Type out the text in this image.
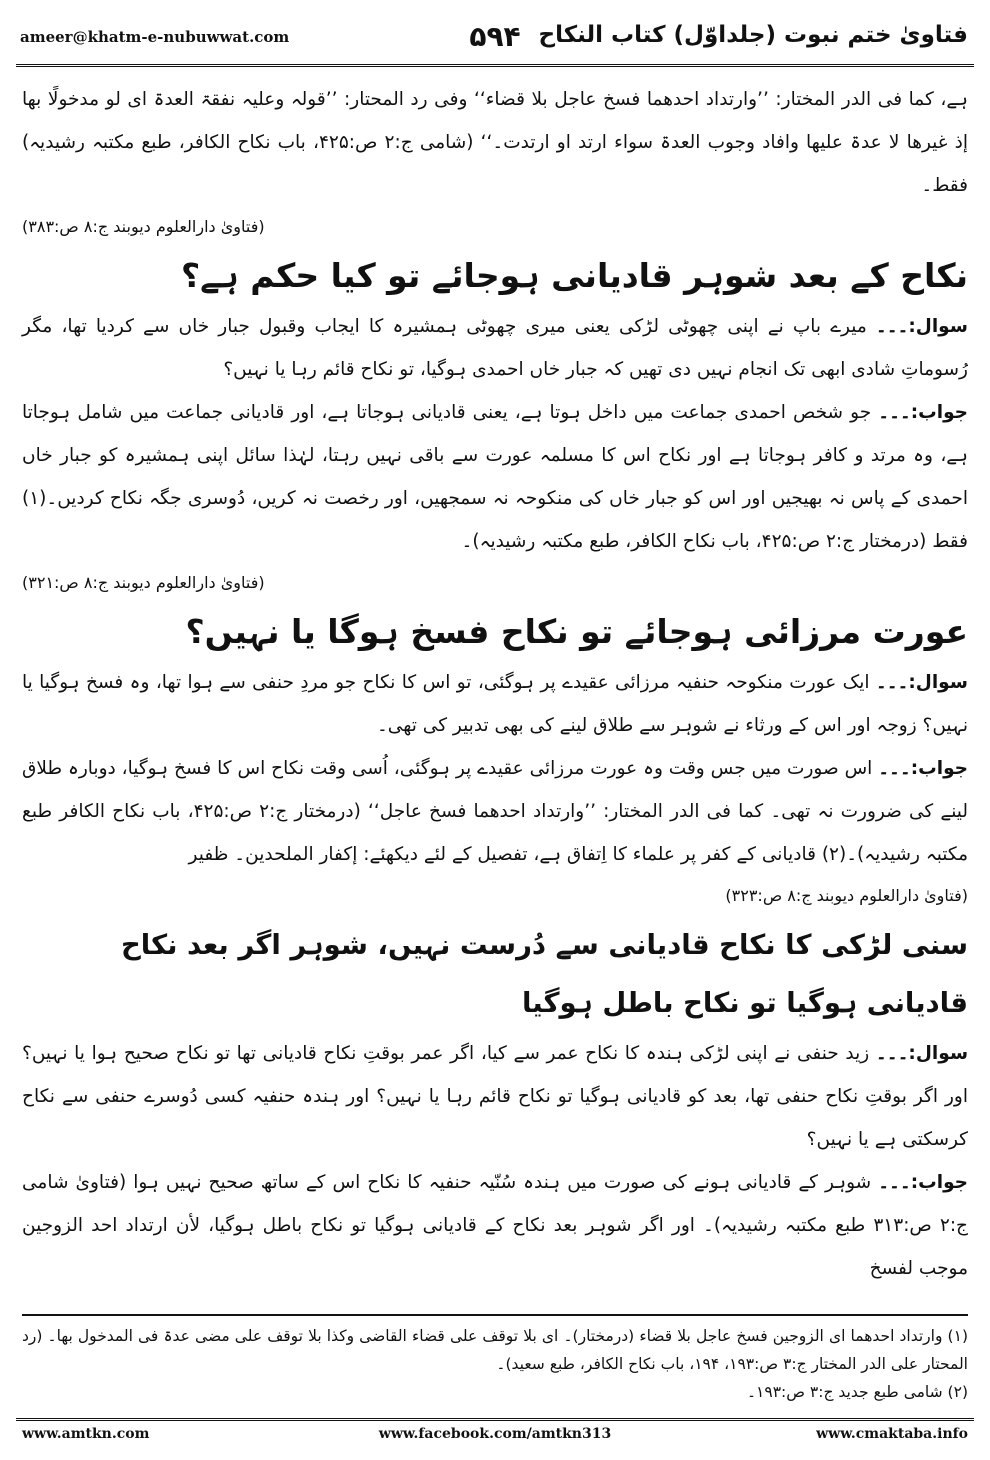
ameer@khatm-e-nubuwwat.com	۵۹۴ فتاویٰ ختم نبوت (جلداوّل) کتاب النکاح

ہے، کما فی الدر المختار: ’’وارتداد احدھما فسخ عاجل بلا قضاء‘‘ وفی رد المحتار: ’’قولہ وعلیہ نفقۃ العدۃ ای لو مدخولًا بھا إذ غیرھا لا عدۃ علیھا وافاد وجوب العدۃ سواء ارتد او ارتدت۔‘‘ (شامی ج:۲ ص:۴۲۵، باب نکاح الکافر، طبع مکتبہ رشیدیہ) فقط۔

(فتاویٰ دارالعلوم دیوبند ج:۸ ص:۳۸۳)
نکاح کے بعد شوہر قادیانی ہوجائے تو کیا حکم ہے؟

سوال:۔۔۔ میرے باپ نے اپنی چھوٹی لڑکی یعنی میری چھوٹی ہمشیرہ کا ایجاب وقبول جبار خاں سے کردیا تھا، مگر رُسوماتِ شادی ابھی تک انجام نہیں دی تھیں کہ جبار خاں احمدی ہوگیا، تو نکاح قائم رہا یا نہیں؟

جواب:۔۔۔ جو شخص احمدی جماعت میں داخل ہوتا ہے، یعنی قادیانی ہوجاتا ہے، اور قادیانی جماعت میں شامل ہوجاتا ہے، وہ مرتد و کافر ہوجاتا ہے اور نکاح اس کا مسلمہ عورت سے باقی نہیں رہتا، لہٰذا سائل اپنی ہمشیرہ کو جبار خاں احمدی کے پاس نہ بھیجیں اور اس کو جبار خاں کی منکوحہ نہ سمجھیں، اور رخصت نہ کریں، دُوسری جگہ نکاح کردیں۔(۱) فقط (درمختار ج:۲ ص:۴۲۵، باب نکاح الکافر، طبع مکتبہ رشیدیہ)۔

(فتاویٰ دارالعلوم دیوبند ج:۸ ص:۳۲۱)
عورت مرزائی ہوجائے تو نکاح فسخ ہوگا یا نہیں؟

سوال:۔۔۔ ایک عورت منکوحہ حنفیہ مرزائی عقیدے پر ہوگئی، تو اس کا نکاح جو مردِ حنفی سے ہوا تھا، وہ فسخ ہوگیا یا نہیں؟ زوجہ اور اس کے ورثاء نے شوہر سے طلاق لینے کی بھی تدبیر کی تھی۔

جواب:۔۔۔ اس صورت میں جس وقت وہ عورت مرزائی عقیدے پر ہوگئی، اُسی وقت نکاح اس کا فسخ ہوگیا، دوبارہ طلاق لینے کی ضرورت نہ تھی۔ کما فی الدر المختار: ’’وارتداد احدھما فسخ عاجل‘‘ (درمختار ج:۲ ص:۴۲۵، باب نکاح الکافر طبع مکتبہ رشیدیہ)۔(۲) قادیانی کے کفر پر علماء کا اِتفاق ہے، تفصیل کے لئے دیکھئے: إکفار الملحدین۔ ظفیر

(فتاویٰ دارالعلوم دیوبند ج:۸ ص:۳۲۳)
سنی لڑکی کا نکاح قادیانی سے دُرست نہیں، شوہر اگر بعد نکاح قادیانی ہوگیا تو نکاح باطل ہوگیا

سوال:۔۔۔ زید حنفی نے اپنی لڑکی ہندہ کا نکاح عمر سے کیا، اگر عمر بوقتِ نکاح قادیانی تھا تو نکاح صحیح ہوا یا نہیں؟ اور اگر بوقتِ نکاح حنفی تھا، بعد کو قادیانی ہوگیا تو نکاح قائم رہا یا نہیں؟ اور ہندہ حنفیہ کسی دُوسرے حنفی سے نکاح کرسکتی ہے یا نہیں؟

جواب:۔۔۔ شوہر کے قادیانی ہونے کی صورت میں ہندہ سُنّیہ حنفیہ کا نکاح اس کے ساتھ صحیح نہیں ہوا (فتاویٰ شامی ج:۲ ص:۳۱۳ طبع مکتبہ رشیدیہ)۔ اور اگر شوہر بعد نکاح کے قادیانی ہوگیا تو نکاح باطل ہوگیا، لأن ارتداد احد الزوجین موجب لفسخ

(۱) وارتداد احدھما ای الزوجین فسخ عاجل بلا قضاء (درمختار)۔ ای بلا توقف علی قضاء القاضی وکذا بلا توقف علی مضی عدۃ فی المدخول بھا۔ (رد المحتار علی الدر المختار ج:۳ ص:۱۹۳، ۱۹۴، باب نکاح الکافر، طبع سعید)۔

(۲) شامی طبع جدید ج:۳ ص:۱۹۳۔

www.amtkn.com	www.facebook.com/amtkn313	www.cmaktaba.info
